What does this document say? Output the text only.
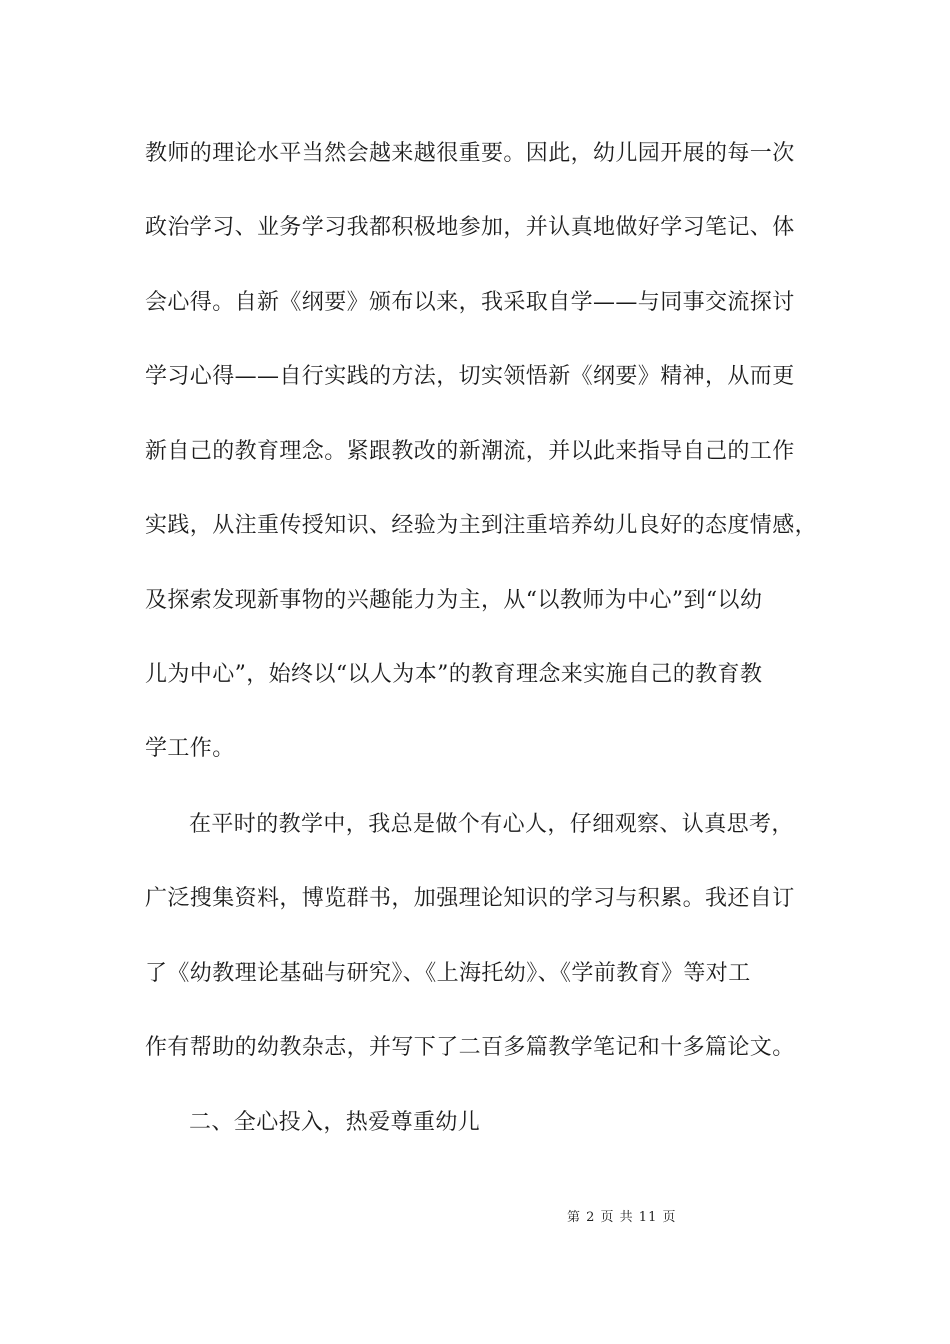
教师的理论水平当然会越来越很重要。因此，幼儿园开展的每一次
政治学习、业务学习我都积极地参加，并认真地做好学习笔记、体
会心得。自新《纲要》颁布以来，我采取自学——与同事交流探讨
学习心得——自行实践的方法，切实领悟新《纲要》精神，从而更
新自己的教育理念。紧跟教改的新潮流，并以此来指导自己的工作
实践，从注重传授知识、经验为主到注重培养幼儿良好的态度情感，
及探索发现新事物的兴趣能力为主，从“以教师为中心”到“以幼
儿为中心”，始终以“以人为本”的教育理念来实施自己的教育教
学工作。
在平时的教学中，我总是做个有心人，仔细观察、认真思考，
广泛搜集资料，博览群书，加强理论知识的学习与积累。我还自订
了《幼教理论基础与研究》、《上海托幼》、《学前教育》等对工
作有帮助的幼教杂志，并写下了二百多篇教学笔记和十多篇论文。
二、全心投入，热爱尊重幼儿
第 2 页 共 11 页
